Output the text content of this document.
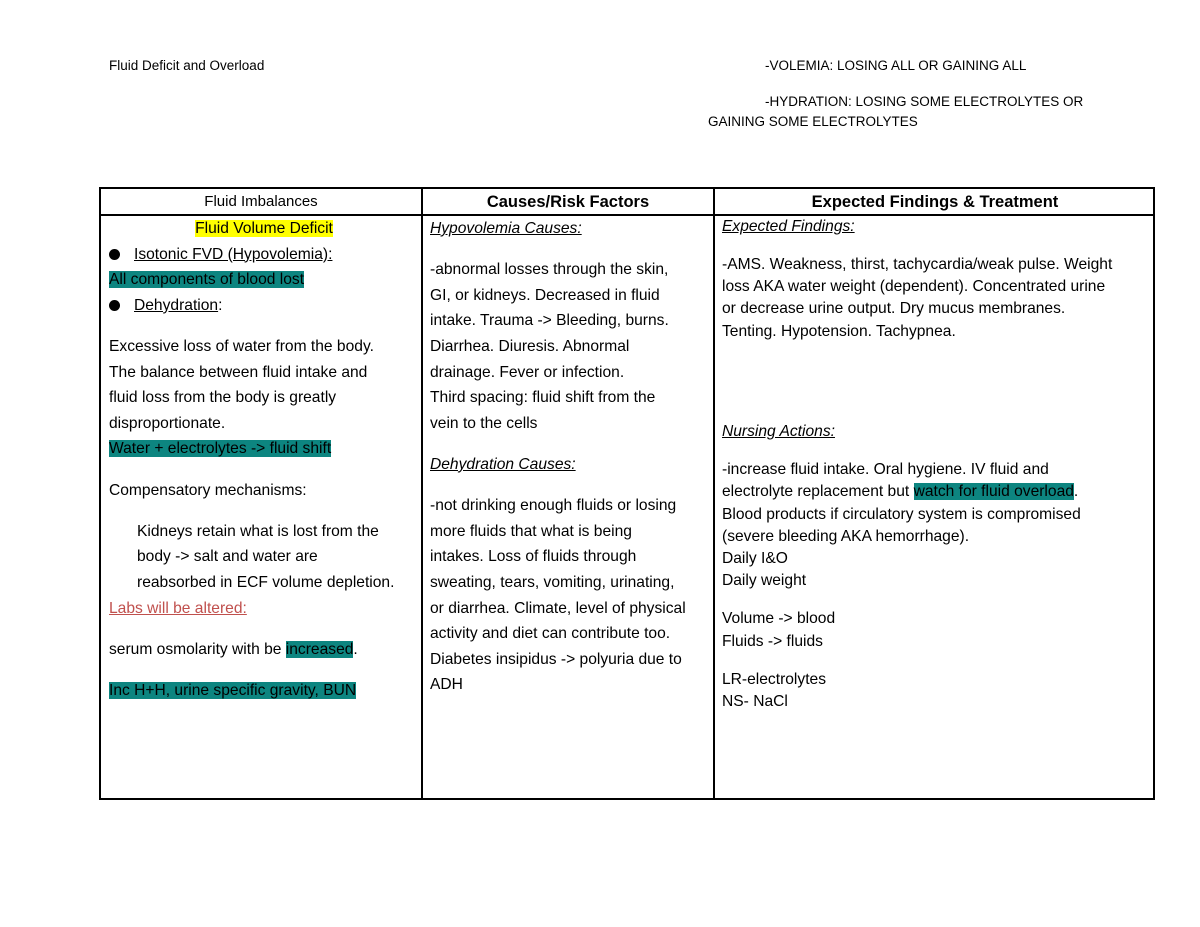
Fluid Deficit and Overload	-VOLEMIA: LOSING ALL OR GAINING ALL
-HYDRATION: LOSING SOME ELECTROLYTES OR
GAINING SOME ELECTROLYTES
Fluid Imbalances	Causes/Risk Factors	Expected Findings & Treatment
Fluid Volume Deficit
Isotonic FVD (Hypovolemia):
All components of blood lost
Dehydration:
Excessive loss of water from the body.
The balance between fluid intake and
fluid loss from the body is greatly
disproportionate.
Water + electrolytes -> fluid shift
Compensatory mechanisms:
Kidneys retain what is lost from the
body -> salt and water are
reabsorbed in ECF volume depletion.
Labs will be altered:
serum osmolarity with be increased.
Inc H+H, urine specific gravity, BUN
Hypovolemia Causes:
-abnormal losses through the skin,
GI, or kidneys. Decreased in fluid
intake. Trauma -> Bleeding, burns.
Diarrhea. Diuresis. Abnormal
drainage. Fever or infection.
Third spacing: fluid shift from the
vein to the cells
Dehydration Causes:
-not drinking enough fluids or losing
more fluids that what is being
intakes. Loss of fluids through
sweating, tears, vomiting, urinating,
or diarrhea. Climate, level of physical
activity and diet can contribute too.
Diabetes insipidus -> polyuria due to
ADH
Expected Findings:
-AMS. Weakness, thirst, tachycardia/weak pulse. Weight
loss AKA water weight (dependent). Concentrated urine
or decrease urine output. Dry mucus membranes.
Tenting. Hypotension. Tachypnea.
Nursing Actions:
-increase fluid intake. Oral hygiene. IV fluid and
electrolyte replacement but watch for fluid overload.
Blood products if circulatory system is compromised
(severe bleeding AKA hemorrhage).
Daily I&O
Daily weight
Volume -> blood
Fluids -> fluids
LR-electrolytes
NS- NaCl
